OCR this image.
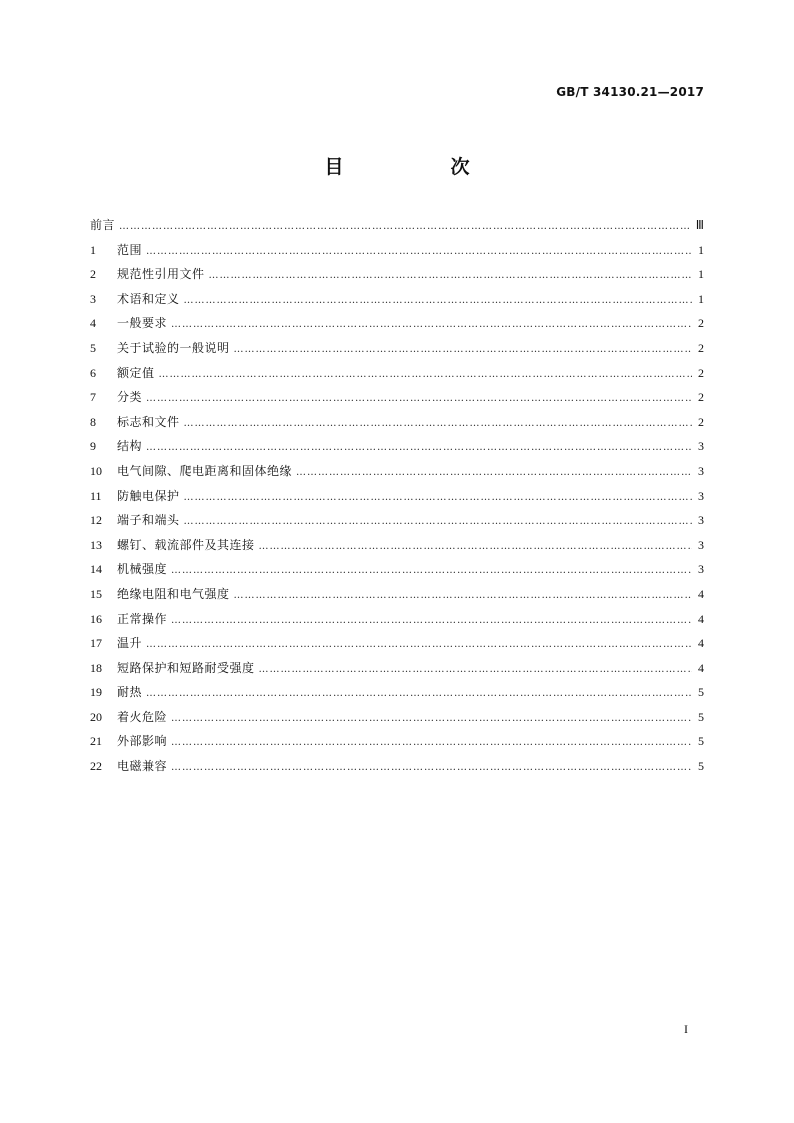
GB/T 34130.21—2017
目　次
前言 …………………………………………………………………………………………………………………………………………………………………………………………………………………………	Ⅲ
1	范围 …………………………………………………………………………………………………………………………………………………………………………………………………………………………	1
2	规范性引用文件 …………………………………………………………………………………………………………………………………………………………………………………………………………………………	1
3	术语和定义 …………………………………………………………………………………………………………………………………………………………………………………………………………………………	1
4	一般要求 …………………………………………………………………………………………………………………………………………………………………………………………………………………………	2
5	关于试验的一般说明 …………………………………………………………………………………………………………………………………………………………………………………………………………………………	2
6	额定值 …………………………………………………………………………………………………………………………………………………………………………………………………………………………	2
7	分类 …………………………………………………………………………………………………………………………………………………………………………………………………………………………	2
8	标志和文件 …………………………………………………………………………………………………………………………………………………………………………………………………………………………	2
9	结构 …………………………………………………………………………………………………………………………………………………………………………………………………………………………	3
10	电气间隙、爬电距离和固体绝缘 …………………………………………………………………………………………………………………………………………………………………………………………………………………………	3
11	防触电保护 …………………………………………………………………………………………………………………………………………………………………………………………………………………………	3
12	端子和端头 …………………………………………………………………………………………………………………………………………………………………………………………………………………………	3
13	螺钉、载流部件及其连接 …………………………………………………………………………………………………………………………………………………………………………………………………………………………	3
14	机械强度 …………………………………………………………………………………………………………………………………………………………………………………………………………………………	3
15	绝缘电阻和电气强度 …………………………………………………………………………………………………………………………………………………………………………………………………………………………	4
16	正常操作 …………………………………………………………………………………………………………………………………………………………………………………………………………………………	4
17	温升 …………………………………………………………………………………………………………………………………………………………………………………………………………………………	4
18	短路保护和短路耐受强度 …………………………………………………………………………………………………………………………………………………………………………………………………………………………	4
19	耐热 …………………………………………………………………………………………………………………………………………………………………………………………………………………………	5
20	着火危险 …………………………………………………………………………………………………………………………………………………………………………………………………………………………	5
21	外部影响 …………………………………………………………………………………………………………………………………………………………………………………………………………………………	5
22	电磁兼容 …………………………………………………………………………………………………………………………………………………………………………………………………………………………	5
I
